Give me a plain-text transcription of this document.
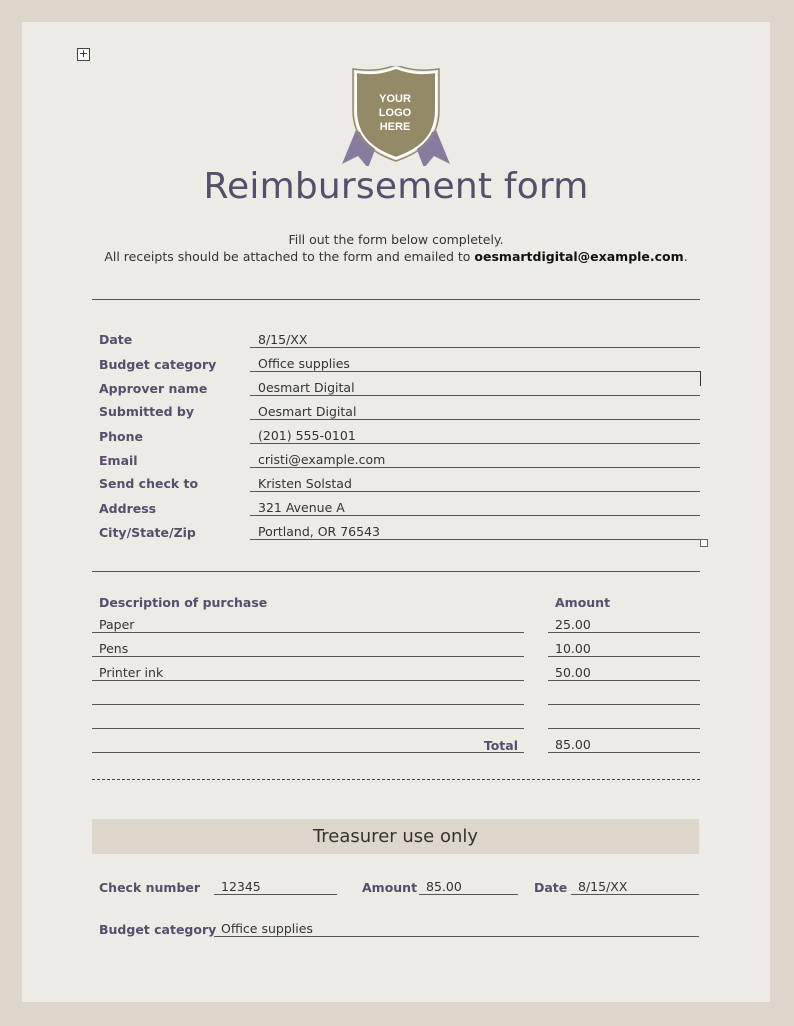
+
YOUR
LOGO
HERE
Reimbursement form
Fill out the form below completely.
All receipts should be attached to the form and emailed to oesmartdigital@example.com.
Date	8/15/XX
Budget category	Office supplies
Approver name	0esmart Digital
Submitted by	Oesmart Digital
Phone	(201) 555-0101
Email	cristi@example.com
Send check to	Kristen Solstad
Address	321 Avenue A
City/State/Zip	Portland, OR 76543
Description of purchase	Amount
Paper	25.00
Pens	10.00
Printer ink	50.00
Total	85.00
Treasurer use only
Check number	12345	Amount 85.00	Date 8/15/XX
Budget category Office supplies
